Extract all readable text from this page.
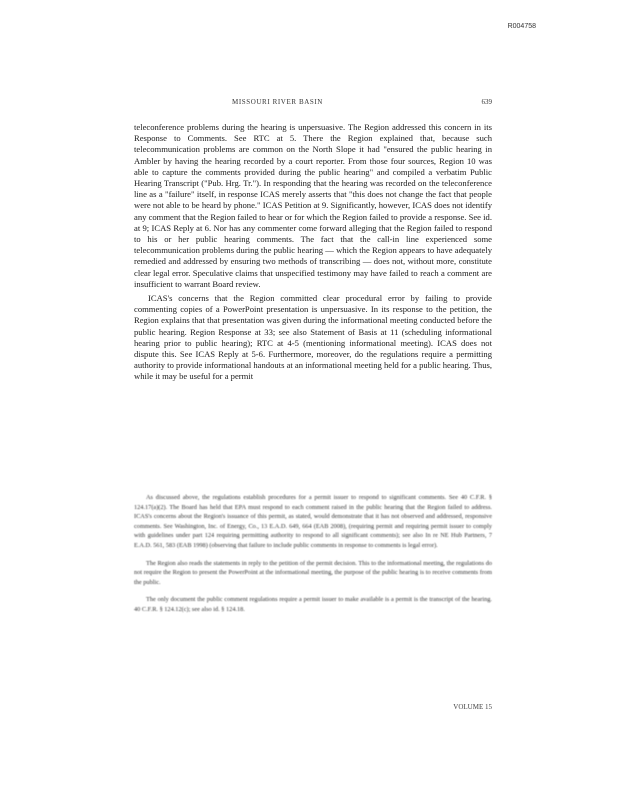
R004758
MISSOURI RIVER BASIN	639

teleconference problems during the hearing is unpersuasive. The Region addressed this concern in its Response to Comments. See RTC at 5. There the Region explained that, because such telecommunication problems are common on the North Slope it had "ensured the public hearing in Ambler by having the hearing recorded by a court reporter. From those four sources, Region 10 was able to capture the comments provided during the public hearing" and compiled a verbatim Public Hearing Transcript ("Pub. Hrg. Tr."). In responding that the hearing was recorded on the teleconference line as a "failure" itself, in response ICAS merely asserts that "this does not change the fact that people were not able to be heard by phone." ICAS Petition at 9. Significantly, however, ICAS does not identify any comment that the Region failed to hear or for which the Region failed to provide a response. See id. at 9; ICAS Reply at 6. Nor has any commenter come forward alleging that the Region failed to respond to his or her public hearing comments. The fact that the call-in line experienced some telecommunication problems during the public hearing — which the Region appears to have adequately remedied and addressed by ensuring two methods of transcribing — does not, without more, constitute clear legal error. Speculative claims that unspecified testimony may have failed to reach a comment are insufficient to warrant Board review.

ICAS's concerns that the Region committed clear procedural error by failing to provide commenting copies of a PowerPoint presentation is unpersuasive. In its response to the petition, the Region explains that that presentation was given during the informational meeting conducted before the public hearing. Region Response at 33; see also Statement of Basis at 11 (scheduling informational hearing prior to public hearing); RTC at 4-5 (mentioning informational meeting). ICAS does not dispute this. See ICAS Reply at 5-6. Furthermore, moreover, do the regulations require a permitting authority to provide informational handouts at an informational meeting held for a public hearing. Thus, while it may be useful for a permit

As discussed above, the regulations establish procedures for a permit issuer to respond to significant comments. See 40 C.F.R. § 124.17(a)(2). The Board has held that EPA must respond to each comment raised in the public hearing that the Region failed to address. ICAS's concerns about the Region's issuance of this permit, as stated, would demonstrate that it has not observed and addressed, responsive comments. See Washington, Inc. of Energy, Co., 13 E.A.D. 649, 664 (EAB 2008), (requiring permit and requiring permit issuer to comply with guidelines under part 124 requiring permitting authority to respond to all significant comments); see also In re NE Hub Partners, 7 E.A.D. 561, 583 (EAB 1998) (observing that failure to include public comments in response to comments is legal error).

The Region also reads the statements in reply to the petition of the permit decision. This to the informational meeting, the regulations do not require the Region to present the PowerPoint at the informational meeting, the purpose of the public hearing is to receive comments from the public.

The only document the public comment regulations require a permit issuer to make available is a permit is the transcript of the hearing. 40 C.F.R. § 124.12(c); see also id. § 124.18.

VOLUME 15
